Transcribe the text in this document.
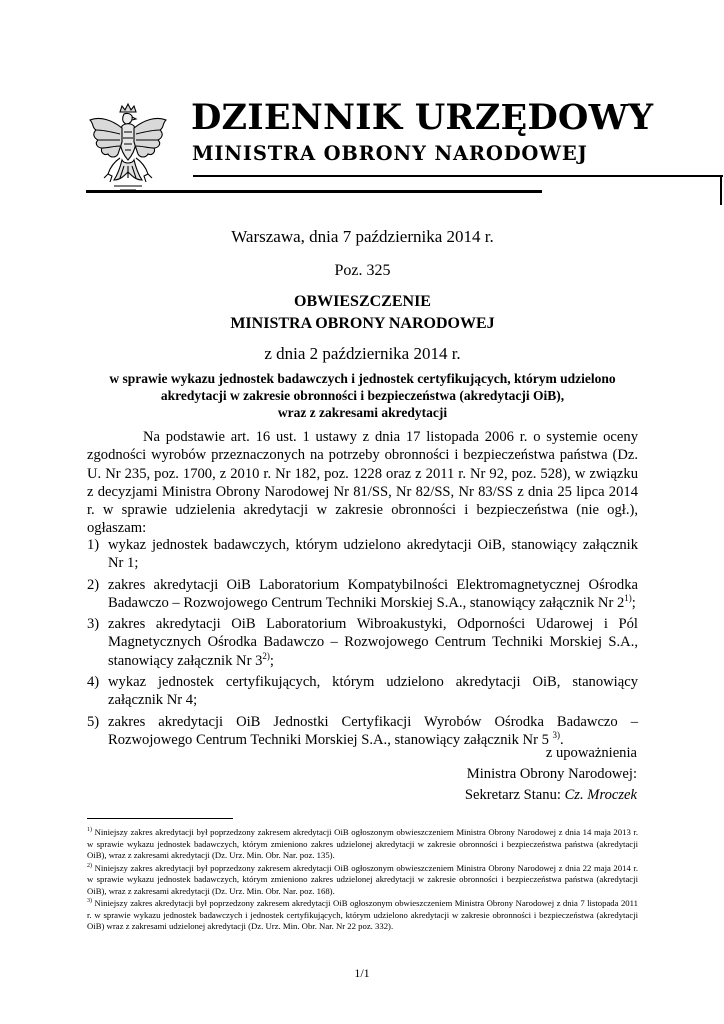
DZIENNIK URZĘDOWY
MINISTRA OBRONY NARODOWEJ
Warszawa, dnia 7 października 2014 r.
Poz. 325
OBWIESZCZENIE
MINISTRA OBRONY NARODOWEJ
z dnia 2 października 2014 r.
w sprawie wykazu jednostek badawczych i jednostek certyfikujących, którym udzielono
akredytacji w zakresie obronności i bezpieczeństwa (akredytacji OiB),
wraz z zakresami akredytacji
Na podstawie art. 16 ust. 1 ustawy z dnia 17 listopada 2006 r. o systemie oceny zgodności wyrobów przeznaczonych na potrzeby obronności i bezpieczeństwa państwa (Dz. U. Nr 235, poz. 1700, z 2010 r. Nr 182, poz. 1228 oraz z 2011 r. Nr 92, poz. 528), w związku z decyzjami Ministra Obrony Narodowej Nr 81/SS, Nr 82/SS, Nr 83/SS z dnia 25 lipca 2014 r. w sprawie udzielenia akredytacji w zakresie obronności i bezpieczeństwa (nie ogł.), ogłaszam:
1) wykaz jednostek badawczych, którym udzielono akredytacji OiB, stanowiący załącznik Nr 1;
2) zakres akredytacji OiB Laboratorium Kompatybilności Elektromagnetycznej Ośrodka Badawczo – Rozwojowego Centrum Techniki Morskiej S.A., stanowiący załącznik Nr 2$^{1)}$;
3) zakres akredytacji OiB Laboratorium Wibroakustyki, Odporności Udarowej i Pól Magnetycznych Ośrodka Badawczo – Rozwojowego Centrum Techniki Morskiej S.A., stanowiący załącznik Nr 3$^{2)}$;
4) wykaz jednostek certyfikujących, którym udzielono akredytacji OiB, stanowiący załącznik Nr 4;
5) zakres akredytacji OiB Jednostki Certyfikacji Wyrobów Ośrodka Badawczo – Rozwojowego Centrum Techniki Morskiej S.A., stanowiący załącznik Nr 5 $^{3)}$.
z upoważnienia
Ministra Obrony Narodowej:
Sekretarz Stanu: Cz. Mroczek

$^{1)}$ Niniejszy zakres akredytacji był poprzedzony zakresem akredytacji OiB ogłoszonym obwieszczeniem Ministra Obrony Narodowej z dnia 14 maja 2013 r. w sprawie wykazu jednostek badawczych, którym zmieniono zakres udzielonej akredytacji w zakresie obronności i bezpieczeństwa państwa (akredytacji OiB), wraz z zakresami akredytacji (Dz. Urz. Min. Obr. Nar. poz. 135).

$^{2)}$ Niniejszy zakres akredytacji był poprzedzony zakresem akredytacji OiB ogłoszonym obwieszczeniem Ministra Obrony Narodowej z dnia 22 maja 2014 r. w sprawie wykazu jednostek badawczych, którym zmieniono zakres udzielonej akredytacji w zakresie obronności i bezpieczeństwa państwa (akredytacji OiB), wraz z zakresami akredytacji (Dz. Urz. Min. Obr. Nar. poz. 168).

$^{3)}$ Niniejszy zakres akredytacji był poprzedzony zakresem akredytacji OiB ogłoszonym obwieszczeniem Ministra Obrony Narodowej z dnia 7 listopada 2011 r. w sprawie wykazu jednostek badawczych i jednostek certyfikujących, którym udzielono akredytacji w zakresie obronności i bezpieczeństwa (akredytacji OiB) wraz z zakresami udzielonej akredytacji (Dz. Urz. Min. Obr. Nar. Nr 22 poz. 332).

1/1
